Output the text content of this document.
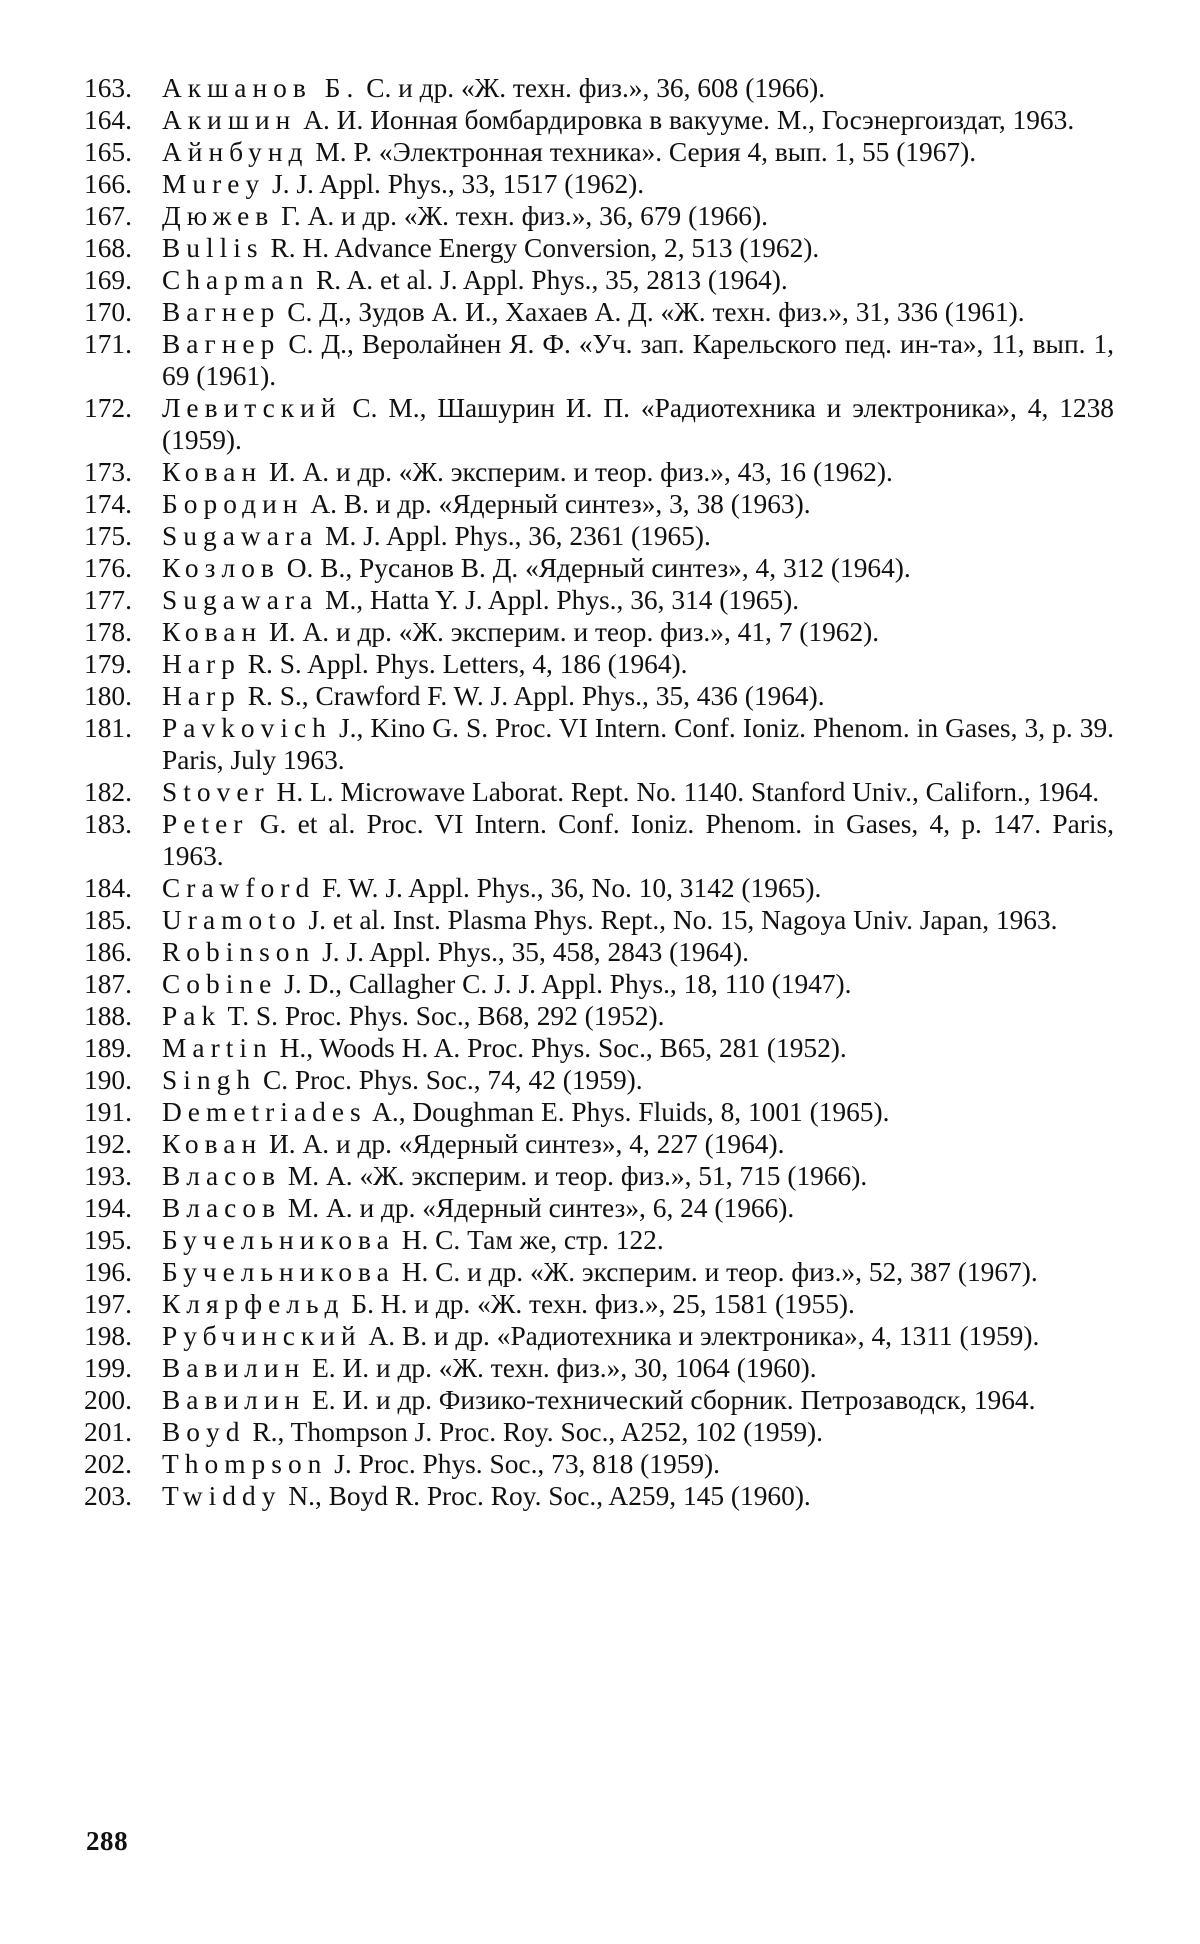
163.	Акшанов Б. С. и др. «Ж. техн. физ.», 36, 608 (1966).
164.	Акишин А. И. Ионная бомбардировка в вакууме. М., Госэнергоиздат, 1963.
165.	Айнбунд М. Р. «Электронная техника». Серия 4, вып. 1, 55 (1967).
166.	Murey J. J. Appl. Phys., 33, 1517 (1962).
167.	Дюжев Г. А. и др. «Ж. техн. физ.», 36, 679 (1966).
168.	Bullis R. H. Advance Energy Conversion, 2, 513 (1962).
169.	Chapman R. A. et al. J. Appl. Phys., 35, 2813 (1964).
170.	Вагнер С. Д., Зудов А. И., Хахаев А. Д. «Ж. техн. физ.», 31, 336 (1961).
171.	Вагнер С. Д., Веролайнен Я. Ф. «Уч. зап. Карельского пед. ин-та», 11, вып. 1, 69 (1961).
172.	Левитский С. М., Шашурин И. П. «Радиотехника и электроника», 4, 1238 (1959).
173.	Кован И. А. и др. «Ж. эксперим. и теор. физ.», 43, 16 (1962).
174.	Бородин А. В. и др. «Ядерный синтез», 3, 38 (1963).
175.	Sugawara M. J. Appl. Phys., 36, 2361 (1965).
176.	Козлов О. В., Русанов В. Д. «Ядерный синтез», 4, 312 (1964).
177.	Sugawara M., Hatta Y. J. Appl. Phys., 36, 314 (1965).
178.	Кован И. А. и др. «Ж. эксперим. и теор. физ.», 41, 7 (1962).
179.	Harp R. S. Appl. Phys. Letters, 4, 186 (1964).
180.	Harp R. S., Crawford F. W. J. Appl. Phys., 35, 436 (1964).
181.	Pavkovich J., Kino G. S. Proc. VI Intern. Conf. Ioniz. Phenom. in Gases, 3, p. 39. Paris, July 1963.
182.	Stover H. L. Microwave Laborat. Rept. No. 1140. Stanford Univ., Californ., 1964.
183.	Peter G. et al. Proc. VI Intern. Conf. Ioniz. Phenom. in Gases, 4, p. 147. Paris, 1963.
184.	Crawford F. W. J. Appl. Phys., 36, No. 10, 3142 (1965).
185.	Uramoto J. et al. Inst. Plasma Phys. Rept., No. 15, Nagoya Univ. Japan, 1963.
186.	Robinson J. J. Appl. Phys., 35, 458, 2843 (1964).
187.	Cobine J. D., Callagher C. J. J. Appl. Phys., 18, 110 (1947).
188.	Pak T. S. Proc. Phys. Soc., B68, 292 (1952).
189.	Martin H., Woods H. A. Proc. Phys. Soc., B65, 281 (1952).
190.	Singh C. Proc. Phys. Soc., 74, 42 (1959).
191.	Demetriades A., Doughman E. Phys. Fluids, 8, 1001 (1965).
192.	Кован И. А. и др. «Ядерный синтез», 4, 227 (1964).
193.	Власов М. А. «Ж. эксперим. и теор. физ.», 51, 715 (1966).
194.	Власов М. А. и др. «Ядерный синтез», 6, 24 (1966).
195.	Бучельникова Н. С. Там же, стр. 122.
196.	Бучельникова Н. С. и др. «Ж. эксперим. и теор. физ.», 52, 387 (1967).
197.	Клярфельд Б. Н. и др. «Ж. техн. физ.», 25, 1581 (1955).
198.	Рубчинский А. В. и др. «Радиотехника и электроника», 4, 1311 (1959).
199.	Вавилин Е. И. и др. «Ж. техн. физ.», 30, 1064 (1960).
200.	Вавилин Е. И. и др. Физико-технический сборник. Петрозаводск, 1964.
201.	Boyd R., Thompson J. Proc. Roy. Soc., A252, 102 (1959).
202.	Thompson J. Proc. Phys. Soc., 73, 818 (1959).
203.	Twiddy N., Boyd R. Proc. Roy. Soc., A259, 145 (1960).
288
